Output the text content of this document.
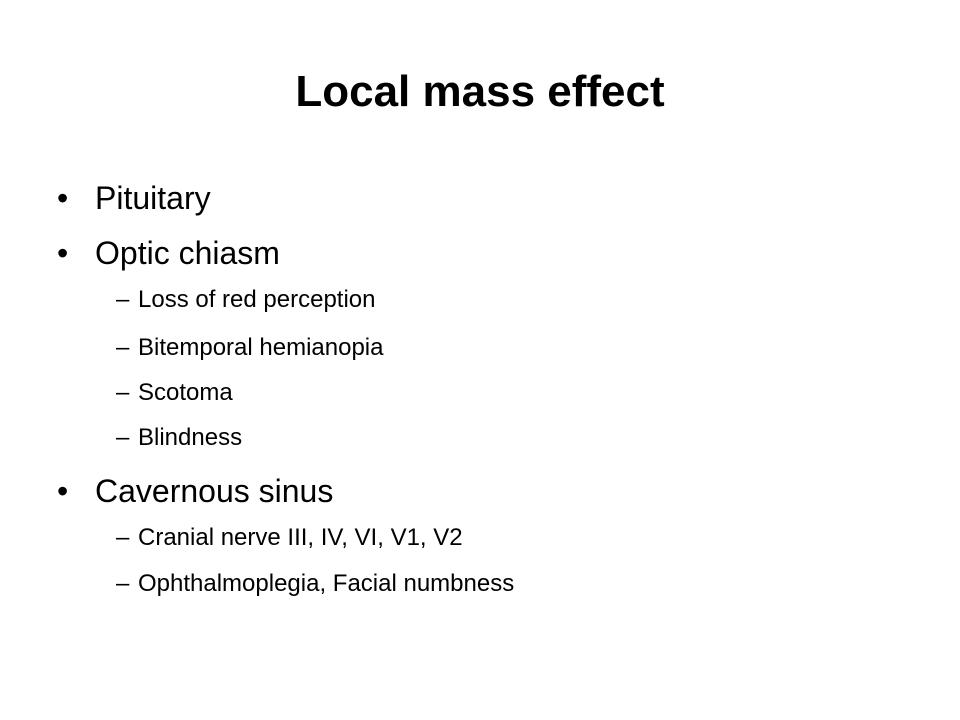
Local mass effect
• Pituitary
• Optic chiasm
– Loss of red perception
– Bitemporal hemianopia
– Scotoma
– Blindness
• Cavernous sinus
– Cranial nerve III, IV, VI, V1, V2
– Ophthalmoplegia, Facial numbness
